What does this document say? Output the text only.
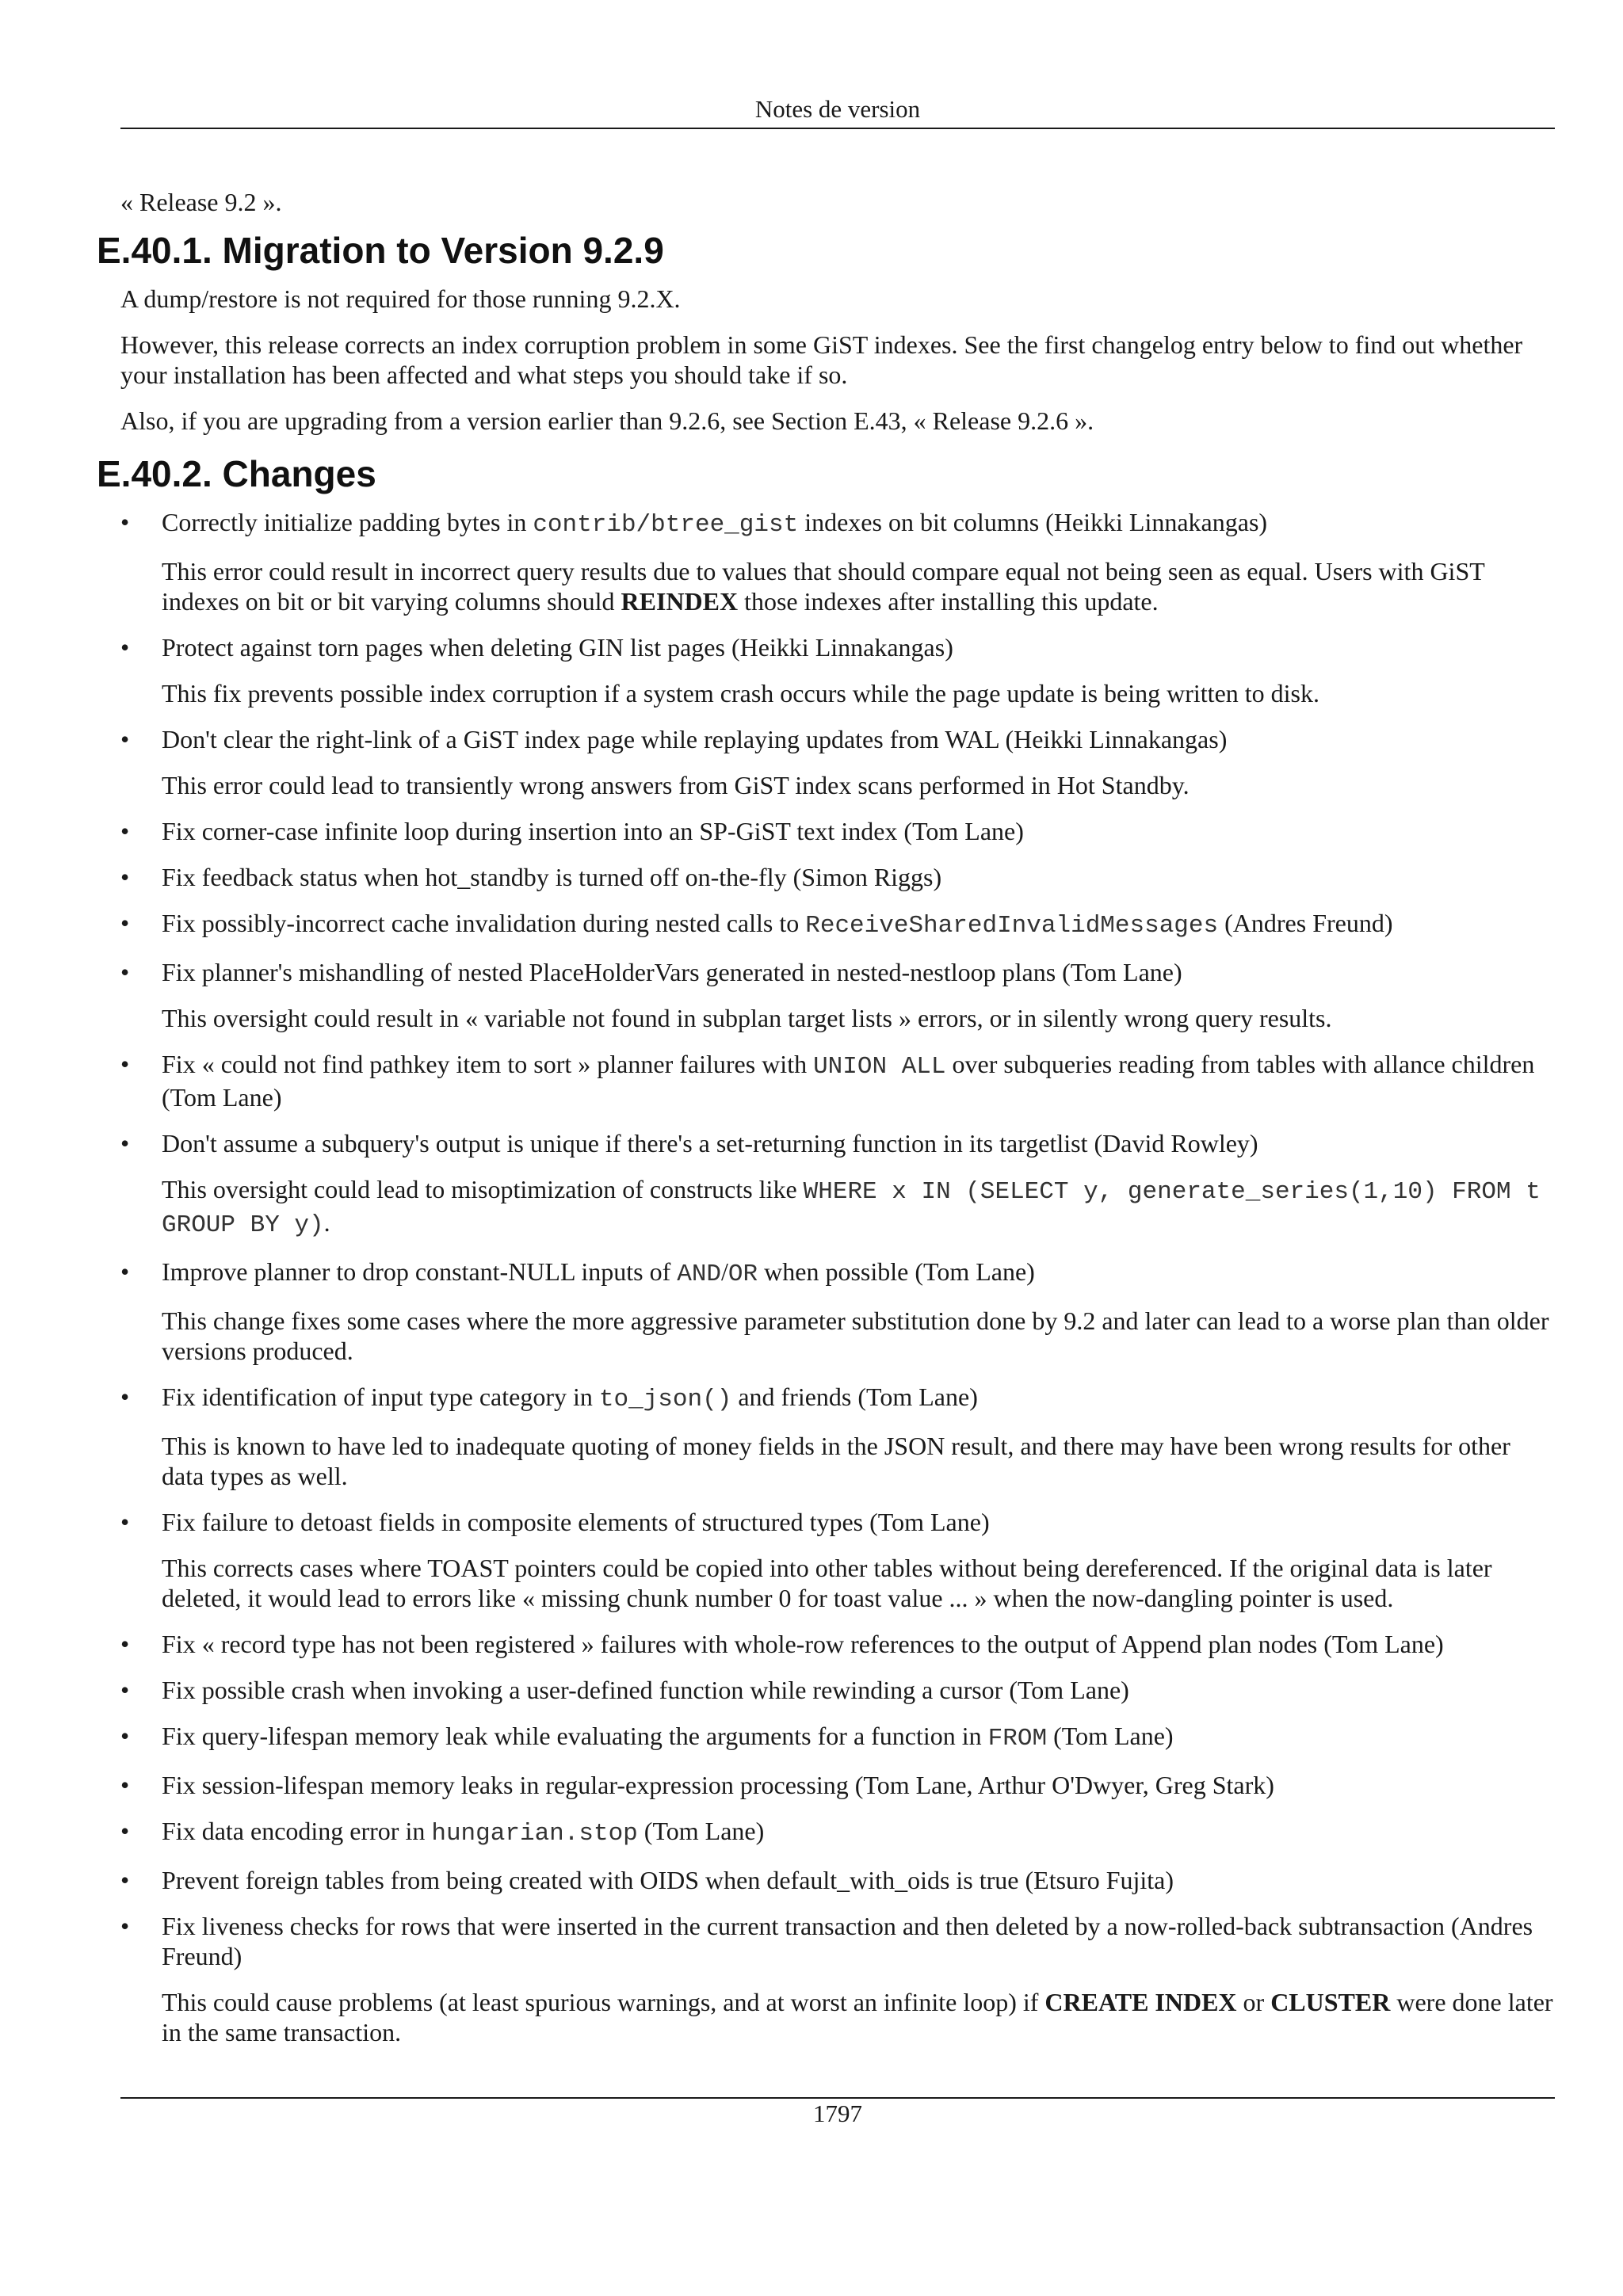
Notes de version

« Release 9.2 ».

E.40.1. Migration to Version 9.2.9

A dump/restore is not required for those running 9.2.X.

However, this release corrects an index corruption problem in some GiST indexes. See the first changelog entry below to find out whether your installation has been affected and what steps you should take if so.

Also, if you are upgrading from a version earlier than 9.2.6, see Section E.43, « Release 9.2.6 ».

E.40.2. Changes
• Correctly initialize padding bytes in contrib/btree_gist indexes on bit columns (Heikki Linnakangas)
This error could result in incorrect query results due to values that should compare equal not being seen as equal. Users with GiST indexes on bit or bit varying columns should REINDEX those indexes after installing this update.
• Protect against torn pages when deleting GIN list pages (Heikki Linnakangas)
This fix prevents possible index corruption if a system crash occurs while the page update is being written to disk.
• Don't clear the right-link of a GiST index page while replaying updates from WAL (Heikki Linnakangas)
This error could lead to transiently wrong answers from GiST index scans performed in Hot Standby.
• Fix corner-case infinite loop during insertion into an SP-GiST text index (Tom Lane)
• Fix feedback status when hot_standby is turned off on-the-fly (Simon Riggs)
• Fix possibly-incorrect cache invalidation during nested calls to ReceiveSharedInvalidMessages (Andres Freund)
• Fix planner's mishandling of nested PlaceHolderVars generated in nested-nestloop plans (Tom Lane)
This oversight could result in « variable not found in subplan target lists » errors, or in silently wrong query results.
• Fix « could not find pathkey item to sort » planner failures with UNION ALL over subqueries reading from tables with allance children (Tom Lane)
• Don't assume a subquery's output is unique if there's a set-returning function in its targetlist (David Rowley)
This oversight could lead to misoptimization of constructs like WHERE x IN (SELECT y, generate_series(1,10) FROM t GROUP BY y).
• Improve planner to drop constant-NULL inputs of AND/OR when possible (Tom Lane)
This change fixes some cases where the more aggressive parameter substitution done by 9.2 and later can lead to a worse plan than older versions produced.
• Fix identification of input type category in to_json() and friends (Tom Lane)
This is known to have led to inadequate quoting of money fields in the JSON result, and there may have been wrong results for other data types as well.
• Fix failure to detoast fields in composite elements of structured types (Tom Lane)
This corrects cases where TOAST pointers could be copied into other tables without being dereferenced. If the original data is later deleted, it would lead to errors like « missing chunk number 0 for toast value ... » when the now-dangling pointer is used.
• Fix « record type has not been registered » failures with whole-row references to the output of Append plan nodes (Tom Lane)
• Fix possible crash when invoking a user-defined function while rewinding a cursor (Tom Lane)
• Fix query-lifespan memory leak while evaluating the arguments for a function in FROM (Tom Lane)
• Fix session-lifespan memory leaks in regular-expression processing (Tom Lane, Arthur O'Dwyer, Greg Stark)
• Fix data encoding error in hungarian.stop (Tom Lane)
• Prevent foreign tables from being created with OIDS when default_with_oids is true (Etsuro Fujita)
• Fix liveness checks for rows that were inserted in the current transaction and then deleted by a now-rolled-back subtransaction (Andres Freund)
This could cause problems (at least spurious warnings, and at worst an infinite loop) if CREATE INDEX or CLUSTER were done later in the same transaction.
1797
